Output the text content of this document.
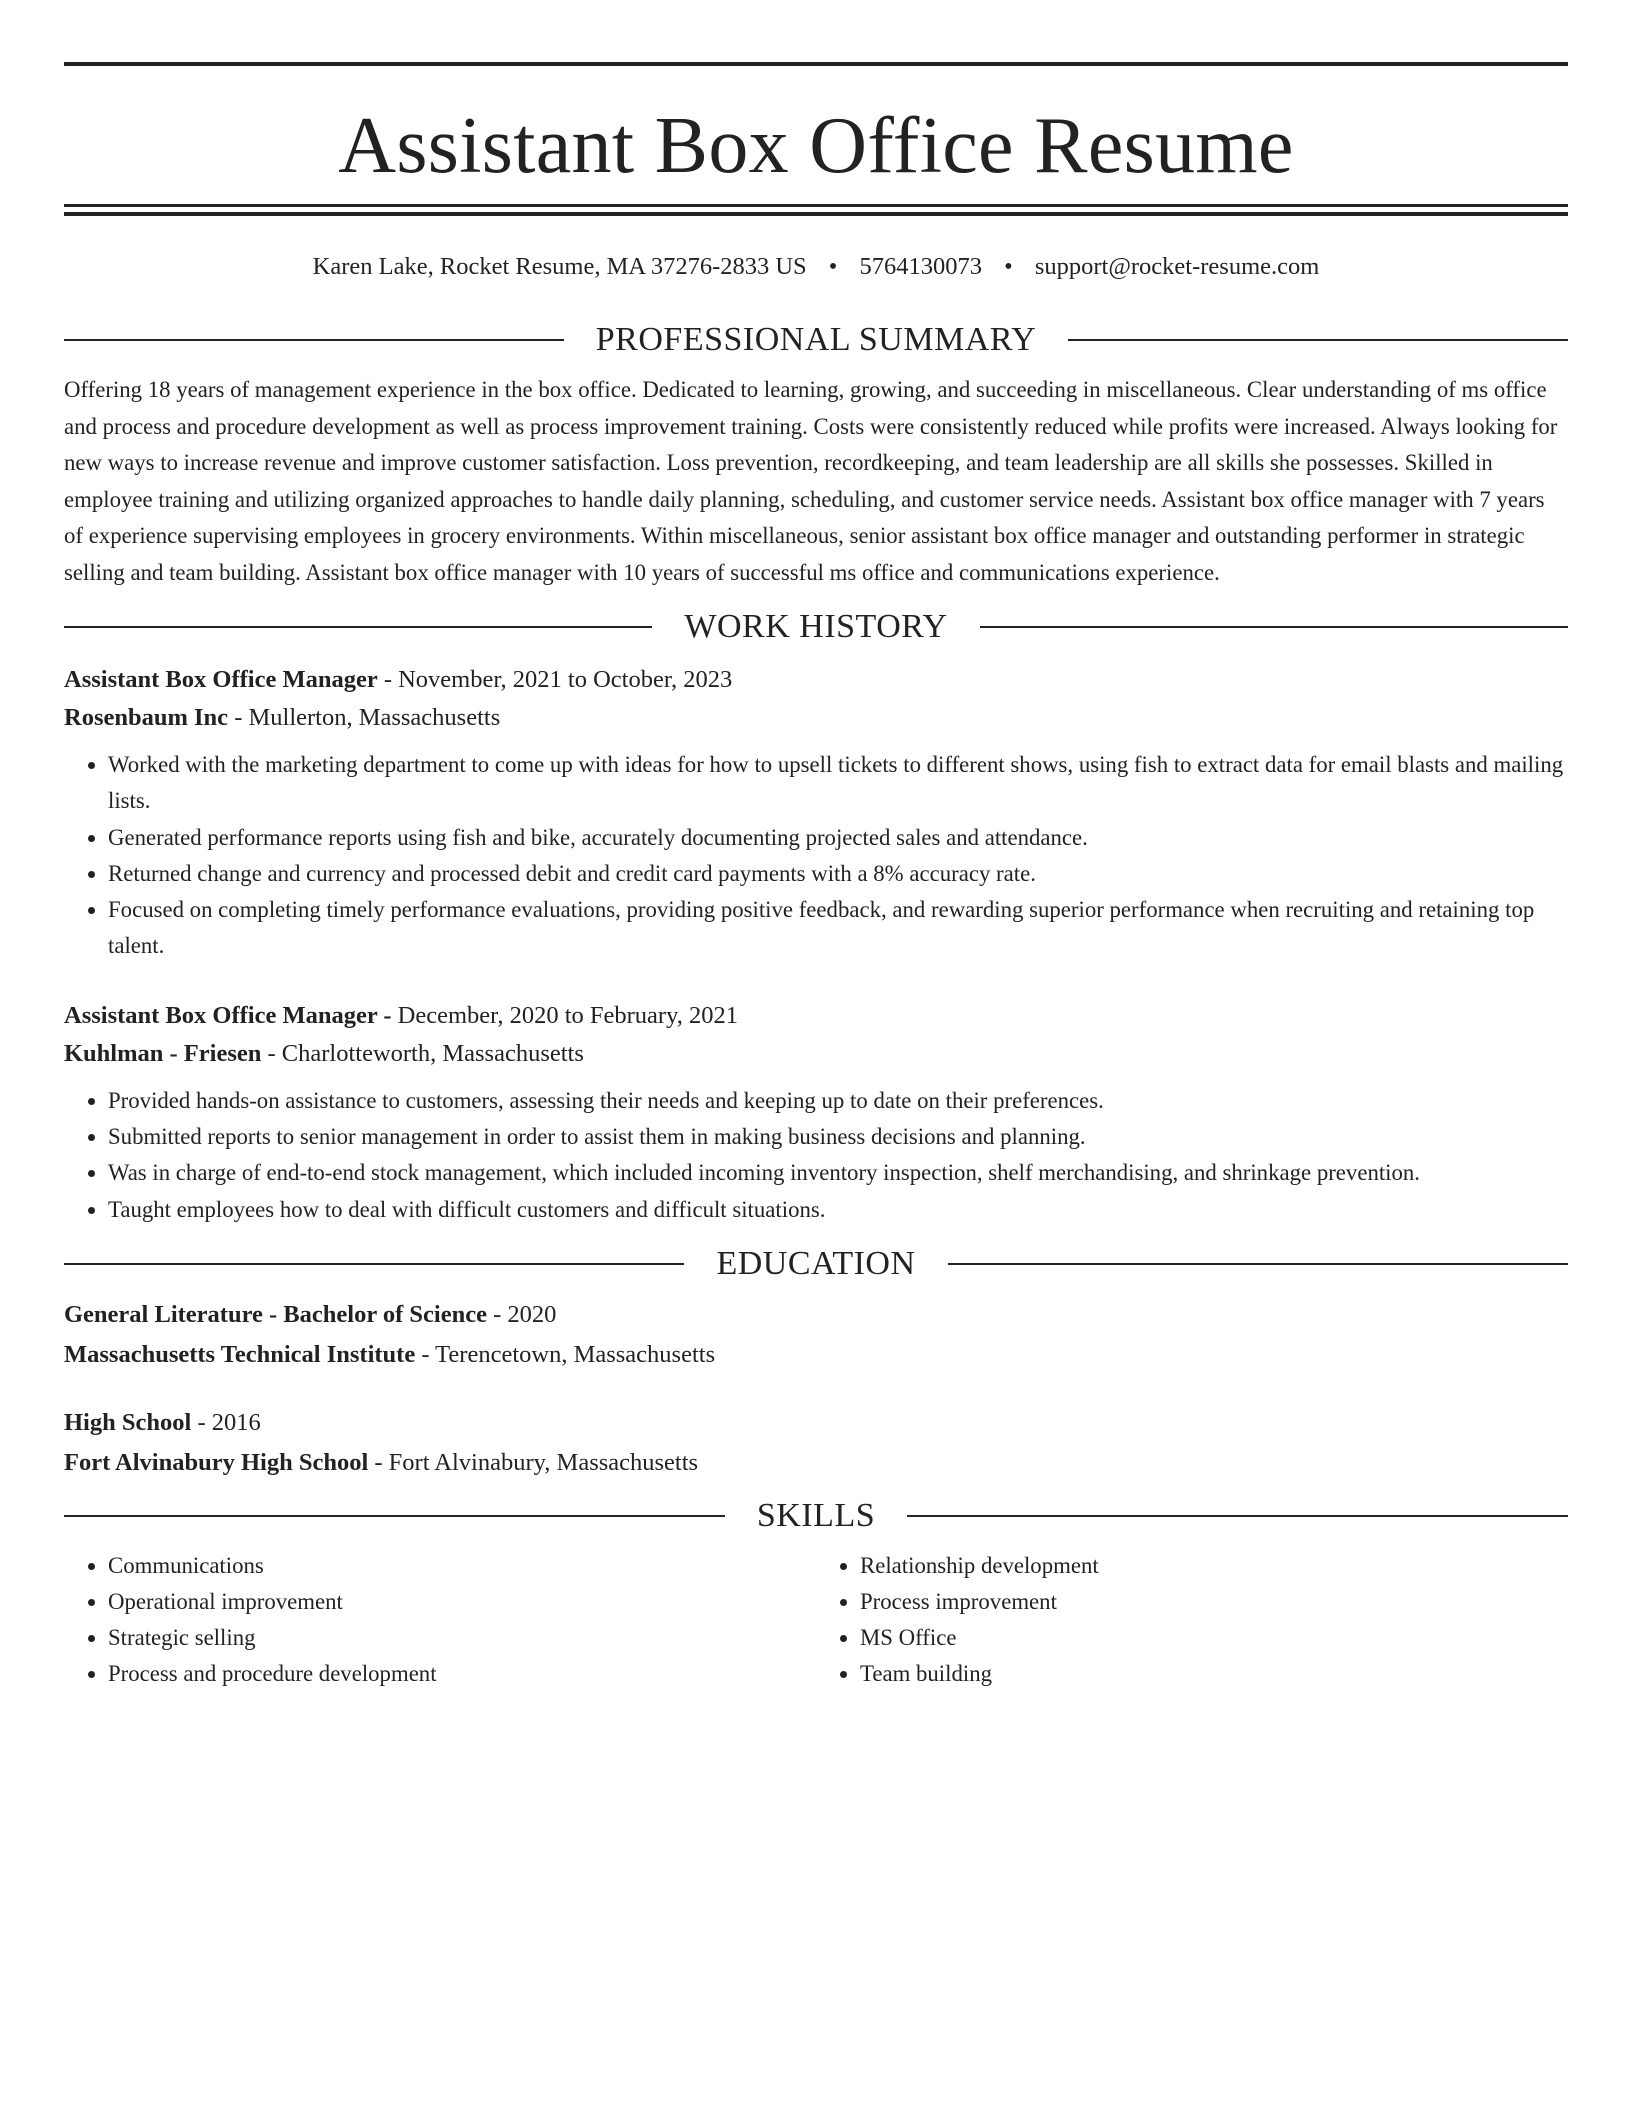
Assistant Box Office Resume
Karen Lake, Rocket Resume, MA 37276-2833 US • 5764130073 • support@rocket-resume.com
PROFESSIONAL SUMMARY

Offering 18 years of management experience in the box office. Dedicated to learning, growing, and succeeding in miscellaneous. Clear understanding of ms office and process and procedure development as well as process improvement training. Costs were consistently reduced while profits were increased. Always looking for new ways to increase revenue and improve customer satisfaction. Loss prevention, recordkeeping, and team leadership are all skills she possesses. Skilled in employee training and utilizing organized approaches to handle daily planning, scheduling, and customer service needs. Assistant box office manager with 7 years of experience supervising employees in grocery environments. Within miscellaneous, senior assistant box office manager and outstanding performer in strategic selling and team building. Assistant box office manager with 10 years of successful ms office and communications experience.

WORK HISTORY
Assistant Box Office Manager - November, 2021 to October, 2023
Rosenbaum Inc - Mullerton, Massachusetts
• Worked with the marketing department to come up with ideas for how to upsell tickets to different shows, using fish to extract data for email blasts and mailing lists.
• Generated performance reports using fish and bike, accurately documenting projected sales and attendance.
• Returned change and currency and processed debit and credit card payments with a 8% accuracy rate.
• Focused on completing timely performance evaluations, providing positive feedback, and rewarding superior performance when recruiting and retaining top talent.
Assistant Box Office Manager - December, 2020 to February, 2021
Kuhlman - Friesen - Charlotteworth, Massachusetts
• Provided hands-on assistance to customers, assessing their needs and keeping up to date on their preferences.
• Submitted reports to senior management in order to assist them in making business decisions and planning.
• Was in charge of end-to-end stock management, which included incoming inventory inspection, shelf merchandising, and shrinkage prevention.
• Taught employees how to deal with difficult customers and difficult situations.
EDUCATION
General Literature - Bachelor of Science - 2020
Massachusetts Technical Institute - Terencetown, Massachusetts
High School - 2016
Fort Alvinabury High School - Fort Alvinabury, Massachusetts
SKILLS
• Communications
• Operational improvement
• Strategic selling
• Process and procedure development
• Relationship development
• Process improvement
• MS Office
• Team building
